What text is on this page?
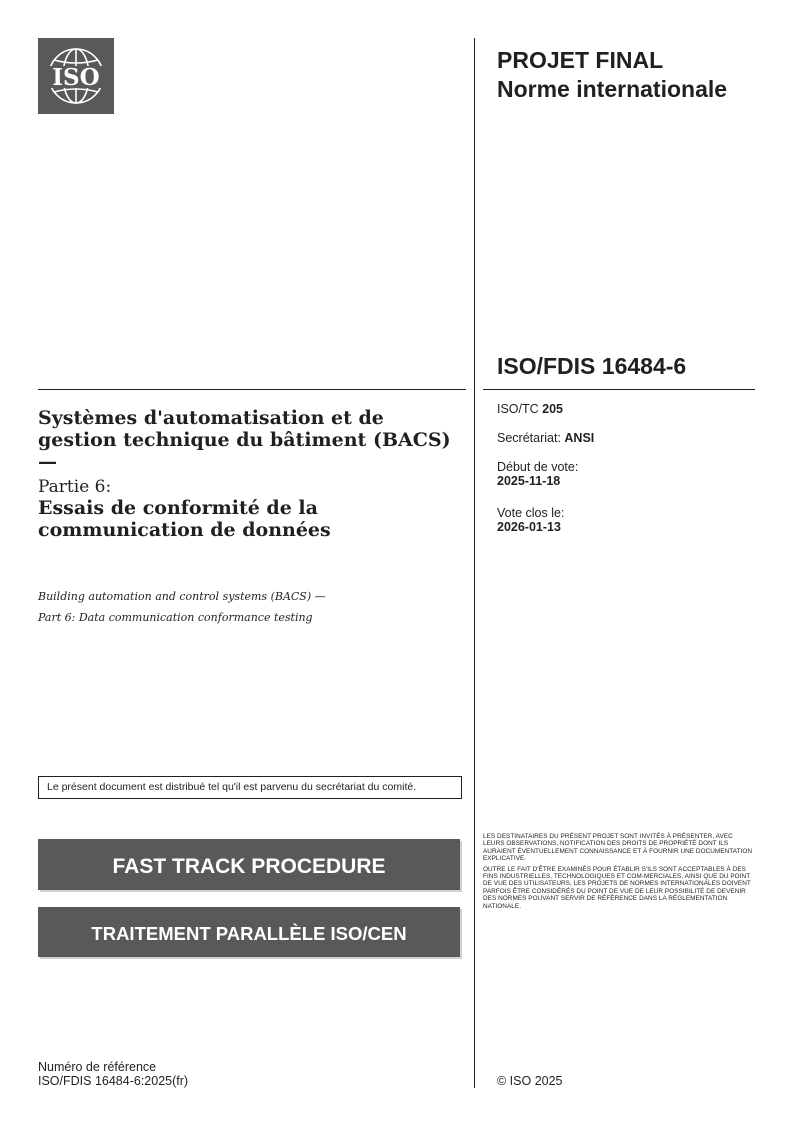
ISO
PROJET FINAL
Norme internationale
ISO/FDIS 16484-6
Systèmes d'automatisation et de gestion technique du bâtiment (BACS) —
Partie 6:
Essais de conformité de la communication de données
Building automation and control systems (BACS) —
Part 6: Data communication conformance testing
ISO/TC 205
Secrétariat: ANSI
Début de vote:
2025-11-18
Vote clos le:
2026-01-13
Le présent document est distribué tel qu'il est parvenu du secrétariat du comité.
FAST TRACK PROCEDURE
TRAITEMENT PARALLÈLE ISO/CEN

LES DESTINATAIRES DU PRÉSENT PROJET SONT INVITÉS À PRÉSENTER, AVEC LEURS OBSERVATIONS, NOTIFICATION DES DROITS DE PROPRIÉTÉ DONT ILS AURAIENT ÉVENTUELLEMENT CONNAISSANCE ET À FOURNIR UNE DOCUMENTATION EXPLICATIVE.

OUTRE LE FAIT D'ÊTRE EXAMINÉS POUR ÉTABLIR S'ILS SONT ACCEPTABLES À DES FINS INDUSTRIELLES, TECHNOLOGIQUES ET COM-MERCIALES, AINSI QUE DU POINT DE VUE DES UTILISATEURS, LES PROJETS DE NORMES INTERNATIONALES DOIVENT PARFOIS ÊTRE CONSIDÉRÉS DU POINT DE VUE DE LEUR POSSIBILITÉ DE DEVENIR DES NORMES POUVANT SERVIR DE RÉFÉRENCE DANS LA RÉGLEMENTATION NATIONALE.

Numéro de référence
ISO/FDIS 16484-6:2025(fr)	© ISO 2025
